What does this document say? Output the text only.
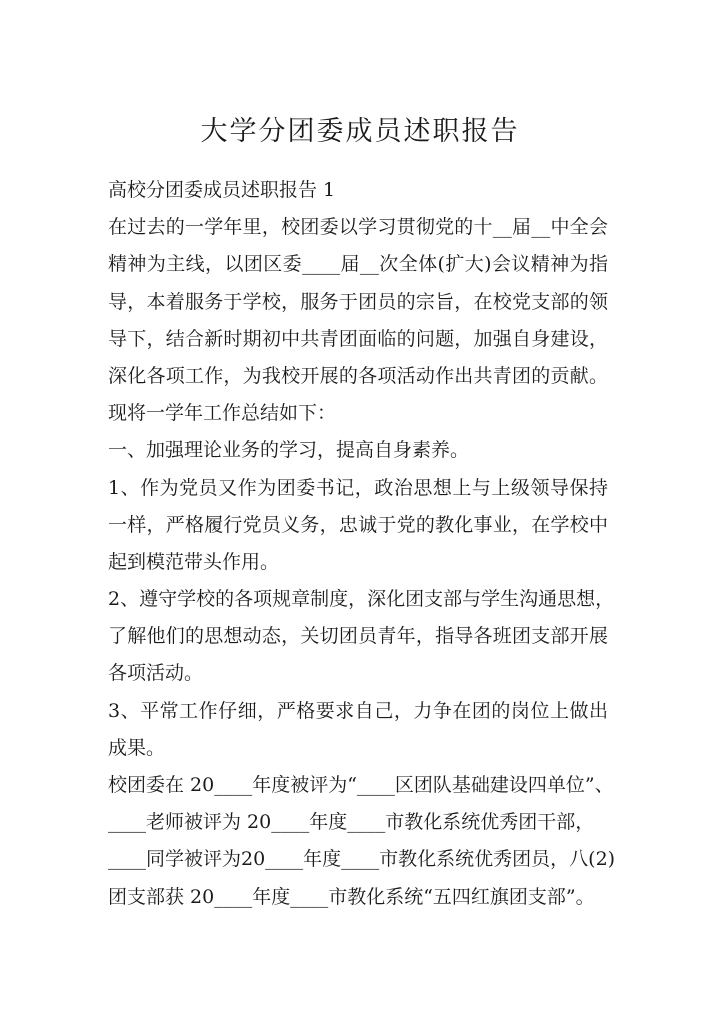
大学分团委成员述职报告
高校分团委成员述职报告 1
在过去的一学年里，校团委以学习贯彻党的十__届__中全会
精神为主线，以团区委____届__次全体(扩大)会议精神为指
导，本着服务于学校，服务于团员的宗旨，在校党支部的领
导下，结合新时期初中共青团面临的问题，加强自身建设，
深化各项工作，为我校开展的各项活动作出共青团的贡献。
现将一学年工作总结如下：
一、加强理论业务的学习，提高自身素养。
1、作为党员又作为团委书记，政治思想上与上级领导保持
一样，严格履行党员义务，忠诚于党的教化事业，在学校中
起到模范带头作用。
2、遵守学校的各项规章制度，深化团支部与学生沟通思想，
了解他们的思想动态，关切团员青年，指导各班团支部开展
各项活动。
3、平常工作仔细，严格要求自己，力争在团的岗位上做出
成果。
校团委在 20____年度被评为“____区团队基础建设四单位”、
____老师被评为 20____年度____市教化系统优秀团干部，
____同学被评为20____年度____市教化系统优秀团员，八(2)
团支部获 20____年度____市教化系统“五四红旗团支部”。
